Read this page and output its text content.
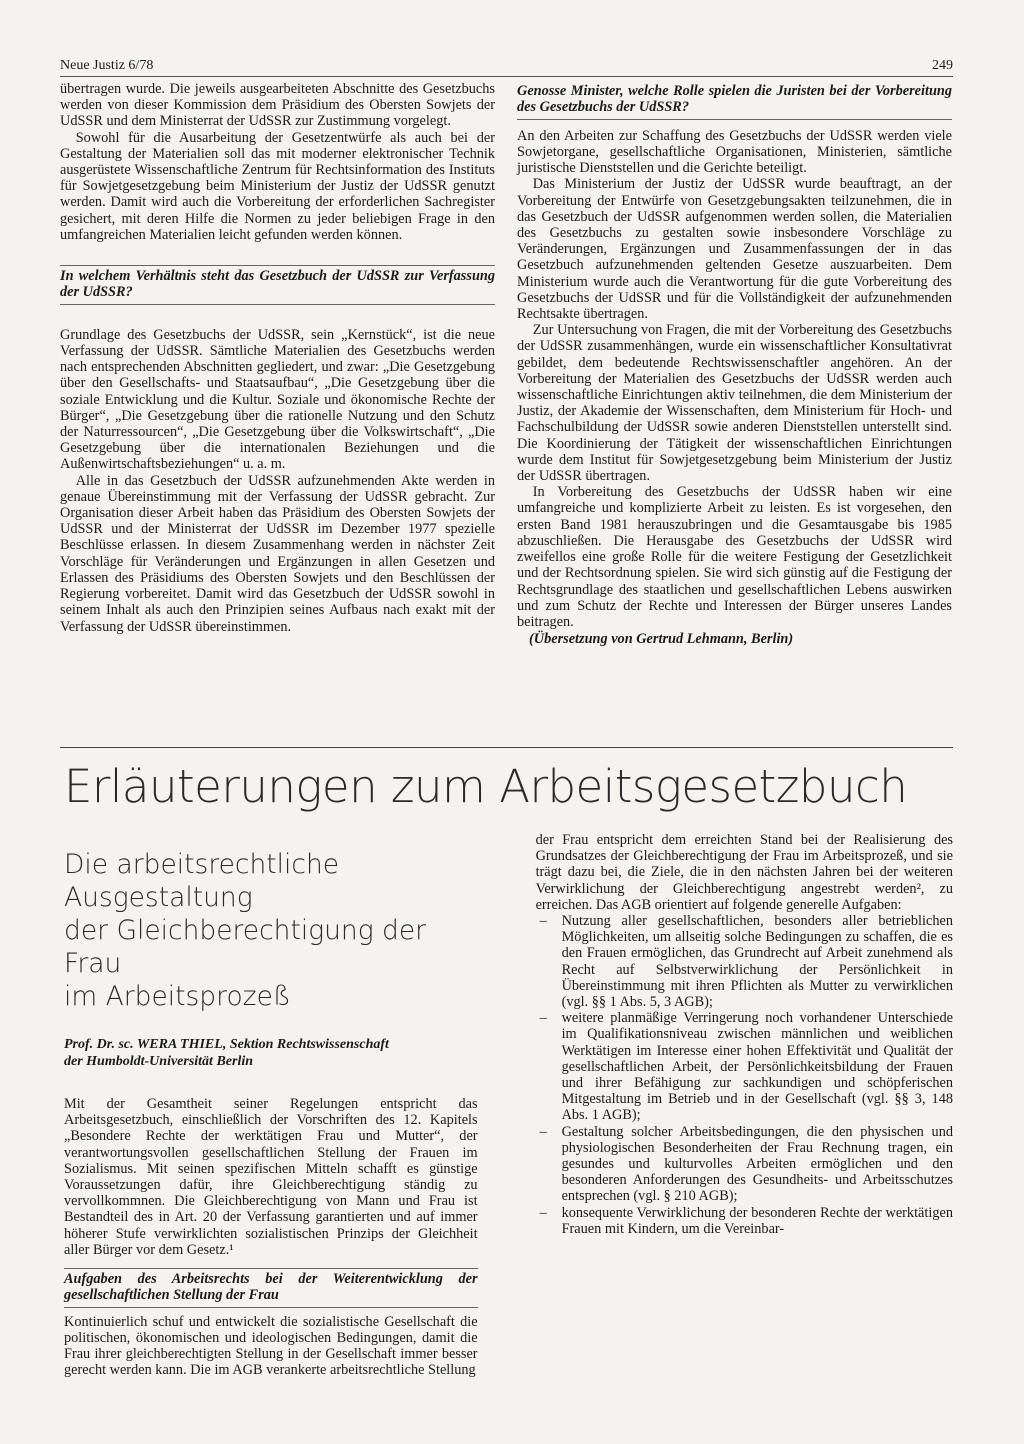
Neue Justiz 6/78	249

übertragen wurde. Die jeweils ausgearbeiteten Abschnitte des Gesetzbuchs werden von dieser Kommission dem Präsidium des Obersten Sowjets der UdSSR und dem Ministerrat der UdSSR zur Zustimmung vorgelegt.

Sowohl für die Ausarbeitung der Gesetzentwürfe als auch bei der Gestaltung der Materialien soll das mit moderner elektronischer Technik ausgerüstete Wissenschaftliche Zentrum für Rechtsinformation des Instituts für Sowjetgesetzgebung beim Ministerium der Justiz der UdSSR genutzt werden. Damit wird auch die Vorbereitung der erforderlichen Sachregister gesichert, mit deren Hilfe die Normen zu jeder beliebigen Frage in den umfangreichen Materialien leicht gefunden werden können.

In welchem Verhältnis steht das Gesetzbuch der UdSSR zur Verfassung der UdSSR?

Grundlage des Gesetzbuchs der UdSSR, sein „Kernstück“, ist die neue Verfassung der UdSSR. Sämtliche Materialien des Gesetzbuchs werden nach entsprechenden Abschnitten gegliedert, und zwar: „Die Gesetzgebung über den Gesellschafts- und Staatsaufbau“, „Die Gesetzgebung über die soziale Entwicklung und die Kultur. Soziale und ökonomische Rechte der Bürger“, „Die Gesetzgebung über die rationelle Nutzung und den Schutz der Naturressourcen“, „Die Gesetzgebung über die Volkswirtschaft“, „Die Gesetzgebung über die internationalen Beziehungen und die Außenwirtschaftsbeziehungen“ u. a. m.

Alle in das Gesetzbuch der UdSSR aufzunehmenden Akte werden in genaue Übereinstimmung mit der Verfassung der UdSSR gebracht. Zur Organisation dieser Arbeit haben das Präsidium des Obersten Sowjets der UdSSR und der Ministerrat der UdSSR im Dezember 1977 spezielle Beschlüsse erlassen. In diesem Zusammenhang werden in nächster Zeit Vorschläge für Veränderungen und Ergänzungen in allen Gesetzen und Erlassen des Präsidiums des Obersten Sowjets und den Beschlüssen der Regierung vorbereitet. Damit wird das Gesetzbuch der UdSSR sowohl in seinem Inhalt als auch den Prinzipien seines Aufbaus nach exakt mit der Verfassung der UdSSR übereinstimmen.

Genosse Minister, welche Rolle spielen die Juristen bei der Vorbereitung des Gesetzbuchs der UdSSR?

An den Arbeiten zur Schaffung des Gesetzbuchs der UdSSR werden viele Sowjetorgane, gesellschaftliche Organisationen, Ministerien, sämtliche juristische Dienststellen und die Gerichte beteiligt.

Das Ministerium der Justiz der UdSSR wurde beauftragt, an der Vorbereitung der Entwürfe von Gesetzgebungsakten teilzunehmen, die in das Gesetzbuch der UdSSR aufgenommen werden sollen, die Materialien des Gesetzbuchs zu gestalten sowie insbesondere Vorschläge zu Veränderungen, Ergänzungen und Zusammenfassungen der in das Gesetzbuch aufzunehmenden geltenden Gesetze auszuarbeiten. Dem Ministerium wurde auch die Verantwortung für die gute Vorbereitung des Gesetzbuchs der UdSSR und für die Vollständigkeit der aufzunehmenden Rechtsakte übertragen.

Zur Untersuchung von Fragen, die mit der Vorbereitung des Gesetzbuchs der UdSSR zusammenhängen, wurde ein wissenschaftlicher Konsultativrat gebildet, dem bedeutende Rechtswissenschaftler angehören. An der Vorbereitung der Materialien des Gesetzbuchs der UdSSR werden auch wissenschaftliche Einrichtungen aktiv teilnehmen, die dem Ministerium der Justiz, der Akademie der Wissenschaften, dem Ministerium für Hoch- und Fachschulbildung der UdSSR sowie anderen Dienststellen unterstellt sind. Die Koordinierung der Tätigkeit der wissenschaftlichen Einrichtungen wurde dem Institut für Sowjetgesetzgebung beim Ministerium der Justiz der UdSSR übertragen.

In Vorbereitung des Gesetzbuchs der UdSSR haben wir eine umfangreiche und komplizierte Arbeit zu leisten. Es ist vorgesehen, den ersten Band 1981 herauszubringen und die Gesamtausgabe bis 1985 abzuschließen. Die Herausgabe des Gesetzbuchs der UdSSR wird zweifellos eine große Rolle für die weitere Festigung der Gesetzlichkeit und der Rechtsordnung spielen. Sie wird sich günstig auf die Festigung der Rechtsgrundlage des staatlichen und gesellschaftlichen Lebens auswirken und zum Schutz der Rechte und Interessen der Bürger unseres Landes beitragen.

(Übersetzung von Gertrud Lehmann, Berlin)

Erläuterungen zum Arbeitsgesetzbuch
Die arbeitsrechtliche Ausgestaltung
der Gleichberechtigung der Frau
im Arbeitsprozeß

Prof. Dr. sc. WERA THIEL, Sektion Rechtswissenschaft
der Humboldt-Universität Berlin

Mit der Gesamtheit seiner Regelungen entspricht das Arbeitsgesetzbuch, einschließlich der Vorschriften des 12. Kapitels „Besondere Rechte der werktätigen Frau und Mutter“, der verantwortungsvollen gesellschaftlichen Stellung der Frauen im Sozialismus. Mit seinen spezifischen Mitteln schafft es günstige Voraussetzungen dafür, ihre Gleichberechtigung ständig zu vervollkommnen. Die Gleichberechtigung von Mann und Frau ist Bestandteil des in Art. 20 der Verfassung garantierten und auf immer höherer Stufe verwirklichten sozialistischen Prinzips der Gleichheit aller Bürger vor dem Gesetz.¹

Aufgaben des Arbeitsrechts bei der Weiterentwicklung der gesellschaftlichen Stellung der Frau

Kontinuierlich schuf und entwickelt die sozialistische Gesellschaft die politischen, ökonomischen und ideologischen Bedingungen, damit die Frau ihrer gleichberechtigten Stellung in der Gesellschaft immer besser gerecht werden kann. Die im AGB verankerte arbeitsrechtliche Stellung

der Frau entspricht dem erreichten Stand bei der Realisierung des Grundsatzes der Gleichberechtigung der Frau im Arbeitsprozeß, und sie trägt dazu bei, die Ziele, die in den nächsten Jahren bei der weiteren Verwirklichung der Gleichberechtigung angestrebt werden², zu erreichen. Das AGB orientiert auf folgende generelle Aufgaben:

– Nutzung aller gesellschaftlichen, besonders aller betrieblichen Möglichkeiten, um allseitig solche Bedingungen zu schaffen, die es den Frauen ermöglichen, das Grundrecht auf Arbeit zunehmend als Recht auf Selbstverwirklichung der Persönlichkeit in Übereinstimmung mit ihren Pflichten als Mutter zu verwirklichen (vgl. §§ 1 Abs. 5, 3 AGB);
– weitere planmäßige Verringerung noch vorhandener Unterschiede im Qualifikationsniveau zwischen männlichen und weiblichen Werktätigen im Interesse einer hohen Effektivität und Qualität der gesellschaftlichen Arbeit, der Persönlichkeitsbildung der Frauen und ihrer Befähigung zur sachkundigen und schöpferischen Mitgestaltung im Betrieb und in der Gesellschaft (vgl. §§ 3, 148 Abs. 1 AGB);
– Gestaltung solcher Arbeitsbedingungen, die den physischen und physiologischen Besonderheiten der Frau Rechnung tragen, ein gesundes und kulturvolles Arbeiten ermöglichen und den besonderen Anforderungen des Gesundheits- und Arbeitsschutzes entsprechen (vgl. § 210 AGB);
– konsequente Verwirklichung der besonderen Rechte der werktätigen Frauen mit Kindern, um die Vereinbar-
